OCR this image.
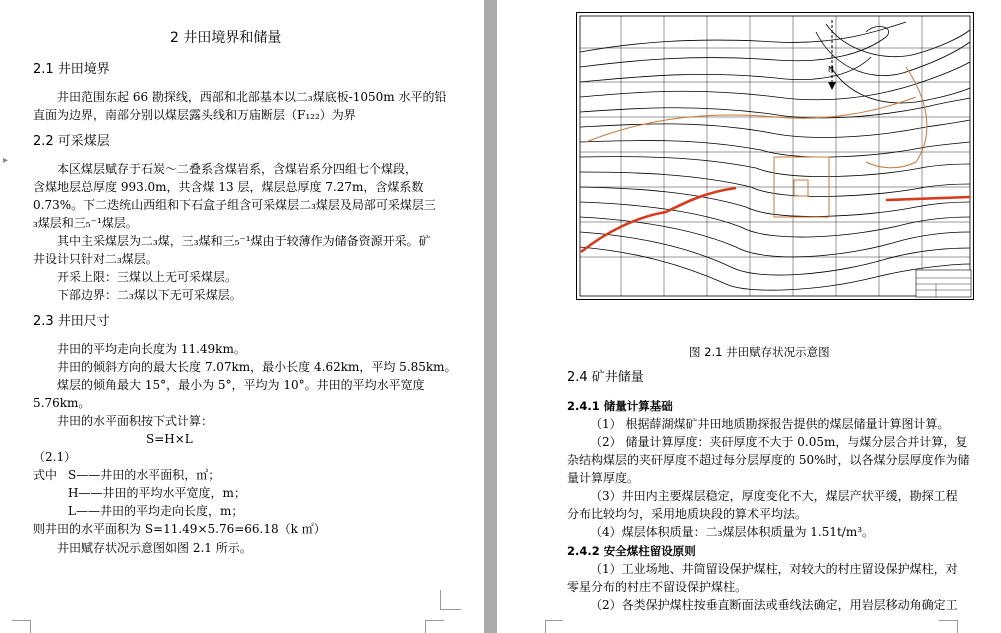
▸
2 井田境界和储量
2.1 井田境界
井田范围东起 66 勘探线，西部和北部基本以二₃煤底板-1050m 水平的铅
直面为边界，南部分别以煤层露头线和万庙断层（F₁₂₂）为界
2.2 可采煤层
本区煤层赋存于石炭～二叠系含煤岩系，含煤岩系分四组七个煤段，
含煤地层总厚度 993.0m，共含煤 13 层，煤层总厚度 7.27m，含煤系数
0.73%。下二迭统山西组和下石盒子组含可采煤层二₃煤层及局部可采煤层三
₃煤层和三₅⁻¹煤层。
其中主采煤层为二₃煤，三₃煤和三₅⁻¹煤由于较薄作为储备资源开采。矿
井设计只针对二₃煤层。
开采上限：三煤以上无可采煤层。
下部边界：二₃煤以下无可采煤层。
2.3 井田尺寸
井田的平均走向长度为 11.49km。
井田的倾斜方向的最大长度 7.07km，最小长度 4.62km，平均 5.85km。
煤层的倾角最大 15°，最小为 5°，平均为 10°。井田的平均水平宽度
5.76km。
井田的水平面积按下式计算：
S=H×L
（2.1）
式中 S——井田的水平面积，㎡；
H——井田的平均水平宽度，m；
L——井田的平均走向长度，m；
则井田的水平面积为 S=11.49×5.76=66.18（k ㎡）
井田赋存状况示意图如图 2.1 所示。
N
图 2.1 井田赋存状况示意图
2.4 矿井储量
2.4.1 储量计算基础
（1） 根据薛湖煤矿井田地质勘探报告提供的煤层储量计算图计算。
（2） 储量计算厚度：夹矸厚度不大于 0.05m，与煤分层合并计算，复
杂结构煤层的夹矸厚度不超过每分层厚度的 50%时，以各煤分层厚度作为储
量计算厚度。
（3）井田内主要煤层稳定，厚度变化不大，煤层产状平缓，勘探工程
分布比较均匀，采用地质块段的算术平均法。
（4）煤层体积质量：二₃煤层体积质量为 1.51t/m³。
2.4.2 安全煤柱留设原则
（1）工业场地、井筒留设保护煤柱，对较大的村庄留设保护煤柱，对
零星分布的村庄不留设保护煤柱。
（2）各类保护煤柱按垂直断面法或垂线法确定，用岩层移动角确定工
